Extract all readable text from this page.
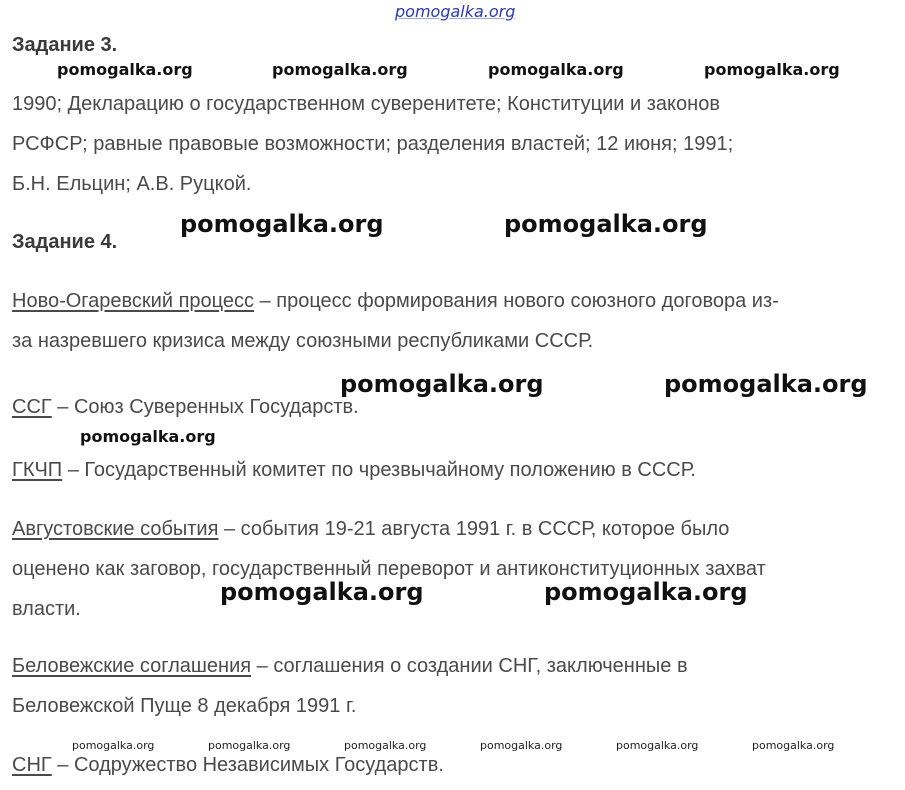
pomogalka.org
Задание 3.
pomogalka.org	pomogalka.org	pomogalka.org	pomogalka.org
1990; Декларацию о государственном суверенитете; Конституции и законов
РСФСР; равные правовые возможности; разделения властей; 12 июня; 1991;
Б.Н. Ельцин; А.В. Руцкой.
pomogalka.org	pomogalka.org
Задание 4.
Ново-Огаревский процесс – процесс формирования нового союзного договора из-
за назревшего кризиса между союзными республиками СССР.
pomogalka.org	pomogalka.org
ССГ – Союз Суверенных Государств.
pomogalka.org
ГКЧП – Государственный комитет по чрезвычайному положению в СССР.
Августовские события – события 19-21 августа 1991 г. в СССР, которое было
оценено как заговор, государственный переворот и антиконституционных захват
власти.
pomogalka.org	pomogalka.org
Беловежские соглашения – соглашения о создании СНГ, заключенные в
Беловежской Пуще 8 декабря 1991 г.
pomogalka.org	pomogalka.org	pomogalka.org	pomogalka.org	pomogalka.org	pomogalka.org
СНГ – Содружество Независимых Государств.
